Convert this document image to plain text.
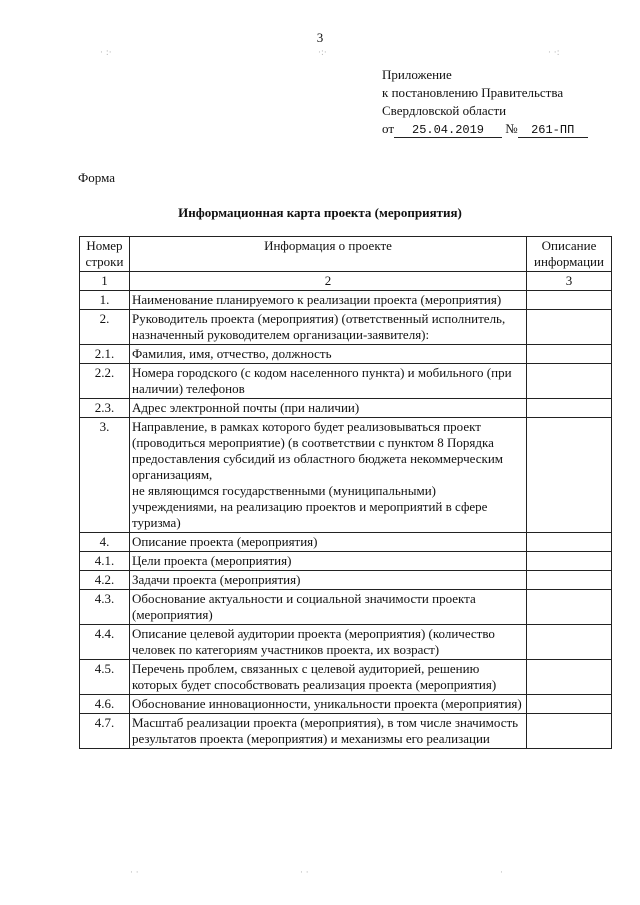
· :·	·:·	· ·:
3
Приложение
к постановлению Правительства
Свердловской области
от 25.04.2019 № 261-ПП
Форма
Информационная карта проекта (мероприятия)
Номер строки	Информация о проекте	Описание информации
1	2	3
1.	Наименование планируемого к реализации проекта (мероприятия)	
2.	Руководитель проекта (мероприятия) (ответственный исполнитель, назначенный руководителем организации-заявителя):	
2.1.	Фамилия, имя, отчество, должность	
2.2.	Номера городского (с кодом населенного пункта) и мобильного (при наличии) телефонов	
2.3.	Адрес электронной почты (при наличии)	
3.	Направление, в рамках которого будет реализовываться проект (проводиться мероприятие) (в соответствии с пунктом 8 Порядка предоставления субсидий из областного бюджета некоммерческим организациям,
не являющимся государственными (муниципальными) учреждениями, на реализацию проектов и мероприятий в сфере туризма)	

4.	Описание проекта (мероприятия)	
4.1.	Цели проекта (мероприятия)	
4.2.	Задачи проекта (мероприятия)	
4.3.	Обоснование актуальности и социальной значимости проекта (мероприятия)	
4.4.	Описание целевой аудитории проекта (мероприятия) (количество человек по категориям участников проекта, их возраст)	
4.5.	Перечень проблем, связанных с целевой аудиторией, решению которых будет способствовать реализация проекта (мероприятия)	
4.6.	Обоснование инновационности, уникальности проекта (мероприятия)	
4.7.	Масштаб реализации проекта (мероприятия), в том числе значимость результатов проекта (мероприятия) и механизмы его реализации	
· ·	· ·	·
